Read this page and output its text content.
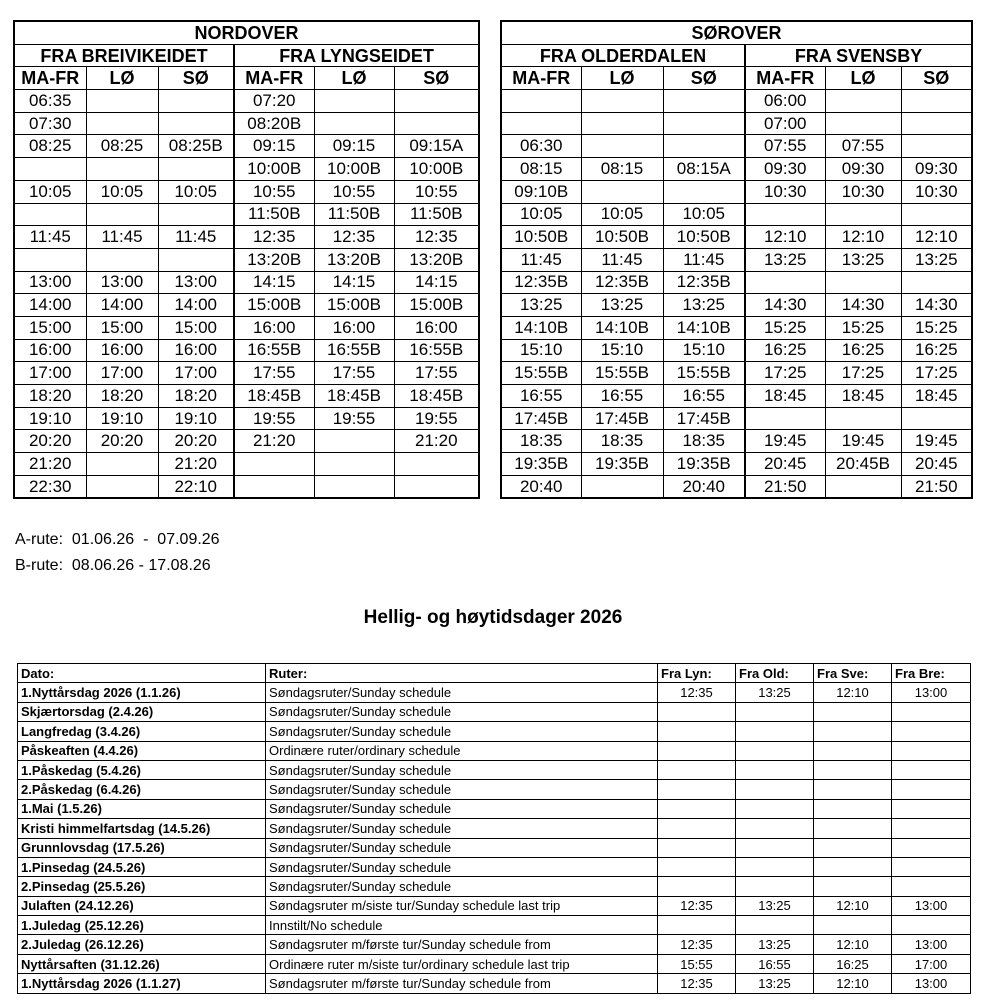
NORDOVER					
FRA BREIVIKEIDET			FRA LYNGSEIDET		
MA-FR	LØ	SØ	MA-FR	LØ	SØ
06:35			07:20		
07:30			08:20B		
08:25	08:25	08:25B	09:15	09:15	09:15A
			10:00B	10:00B	10:00B
10:05	10:05	10:05	10:55	10:55	10:55
			11:50B	11:50B	11:50B
11:45	11:45	11:45	12:35	12:35	12:35
			13:20B	13:20B	13:20B
13:00	13:00	13:00	14:15	14:15	14:15
14:00	14:00	14:00	15:00B	15:00B	15:00B
15:00	15:00	15:00	16:00	16:00	16:00
16:00	16:00	16:00	16:55B	16:55B	16:55B
17:00	17:00	17:00	17:55	17:55	17:55
18:20	18:20	18:20	18:45B	18:45B	18:45B
19:10	19:10	19:10	19:55	19:55	19:55
20:20	20:20	20:20	21:20		21:20
21:20		21:20			
22:30		22:10			
SØROVER					
FRA OLDERDALEN			FRA SVENSBY		
MA-FR	LØ	SØ	MA-FR	LØ	SØ
			06:00		
			07:00		
06:30			07:55	07:55	
08:15	08:15	08:15A	09:30	09:30	09:30
09:10B			10:30	10:30	10:30
10:05	10:05	10:05			
10:50B	10:50B	10:50B	12:10	12:10	12:10
11:45	11:45	11:45	13:25	13:25	13:25
12:35B	12:35B	12:35B			
13:25	13:25	13:25	14:30	14:30	14:30
14:10B	14:10B	14:10B	15:25	15:25	15:25
15:10	15:10	15:10	16:25	16:25	16:25
15:55B	15:55B	15:55B	17:25	17:25	17:25
16:55	16:55	16:55	18:45	18:45	18:45
17:45B	17:45B	17:45B			
18:35	18:35	18:35	19:45	19:45	19:45
19:35B	19:35B	19:35B	20:45	20:45B	20:45
20:40		20:40	21:50		21:50
A-rute:  01.06.26  -  07.09.26
B-rute:  08.06.26 - 17.08.26
Hellig- og høytidsdager 2026
Dato:	Ruter:	Fra Lyn:	Fra Old:	Fra Sve:	Fra Bre:
1.Nyttårsdag 2026 (1.1.26)	Søndagsruter/Sunday schedule	12:35	13:25	12:10	13:00
Skjærtorsdag (2.4.26)	Søndagsruter/Sunday schedule				
Langfredag (3.4.26)	Søndagsruter/Sunday schedule				
Påskeaften (4.4.26)	Ordinære ruter/ordinary schedule				
1.Påskedag (5.4.26)	Søndagsruter/Sunday schedule				
2.Påskedag (6.4.26)	Søndagsruter/Sunday schedule				
1.Mai (1.5.26)	Søndagsruter/Sunday schedule				
Kristi himmelfartsdag (14.5.26)	Søndagsruter/Sunday schedule				
Grunnlovsdag (17.5.26)	Søndagsruter/Sunday schedule				
1.Pinsedag (24.5.26)	Søndagsruter/Sunday schedule				
2.Pinsedag (25.5.26)	Søndagsruter/Sunday schedule				
Julaften (24.12.26)	Søndagsruter m/siste tur/Sunday schedule last trip	12:35	13:25	12:10	13:00
1.Juledag (25.12.26)	Innstilt/No schedule				
2.Juledag (26.12.26)	Søndagsruter m/første tur/Sunday schedule from	12:35	13:25	12:10	13:00
Nyttårsaften (31.12.26)	Ordinære ruter m/siste tur/ordinary schedule last trip	15:55	16:55	16:25	17:00
1.Nyttårsdag 2026 (1.1.27)	Søndagsruter m/første tur/Sunday schedule from	12:35	13:25	12:10	13:00
